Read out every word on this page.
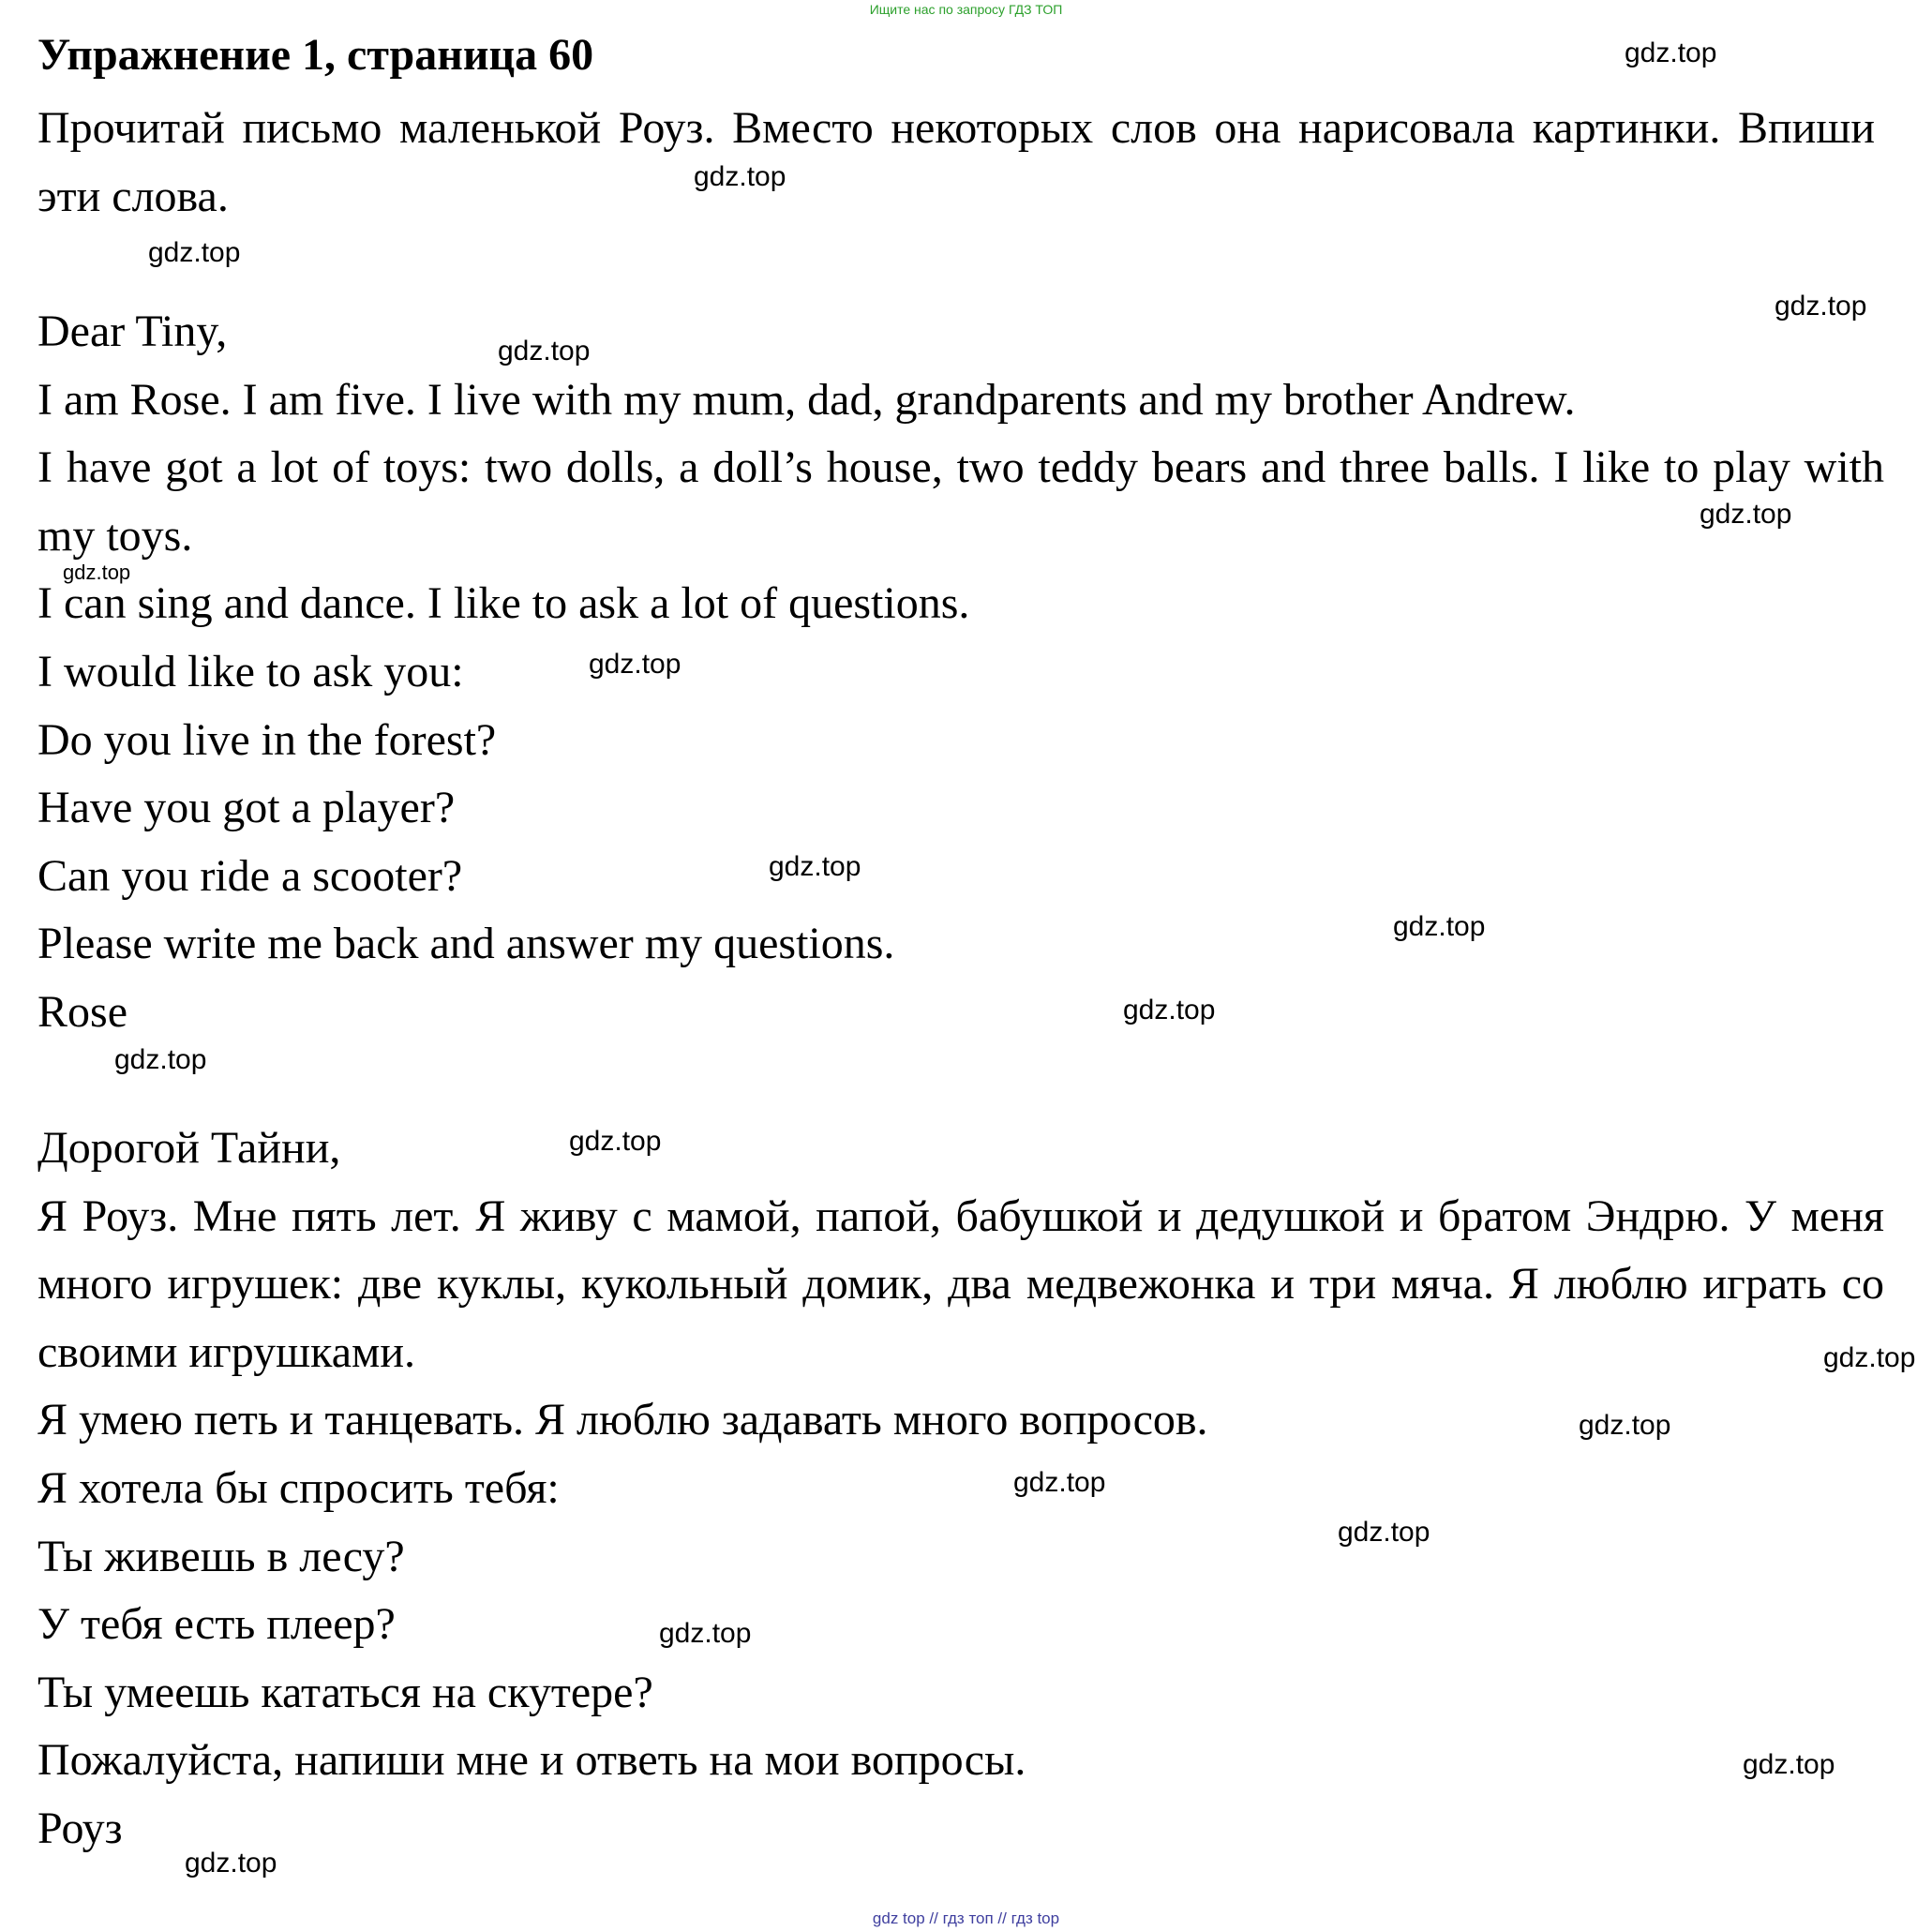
Ищите нас по запросу ГДЗ ТОП
Упражнение 1, страница 60
Прочитай письмо маленькой Роуз. Вместо некоторых слов она нарисовала картинки. Впиши эти слова.
Dear Tiny,
I am Rose. I am five. I live with my mum, dad, grandparents and my brother Andrew.
I have got a lot of toys: two dolls, a doll’s house, two teddy bears and three balls. I like to play with my toys.
I can sing and dance. I like to ask a lot of questions.
I would like to ask you:
Do you live in the forest?
Have you got a player?
Can you ride a scooter?
Please write me back and answer my questions.
Rose
Дорогой Тайни,
Я Роуз. Мне пять лет. Я живу с мамой, папой, бабушкой и дедушкой и братом Эндрю. У меня много игрушек: две куклы, кукольный домик, два медвежонка и три мяча. Я люблю играть со своими игрушками.
Я умею петь и танцевать. Я люблю задавать много вопросов.
Я хотела бы спросить тебя:
Ты живешь в лесу?
У тебя есть плеер?
Ты умеешь кататься на скутере?
Пожалуйста, напиши мне и ответь на мои вопросы.
Роуз
gdz.top
gdz.top
gdz.top
gdz.top
gdz.top
gdz.top
gdz.top
gdz.top
gdz.top
gdz.top
gdz.top
gdz.top
gdz.top
gdz.top
gdz.top
gdz.top
gdz.top
gdz.top
gdz.top
gdz.top
gdz top // гдз топ // гдз top
